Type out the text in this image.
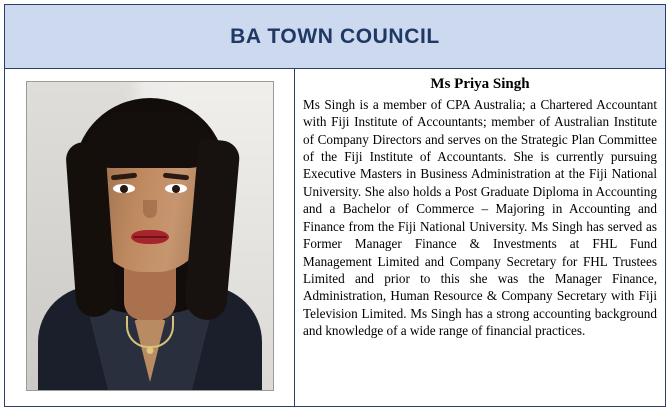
BA TOWN COUNCIL
Ms Priya Singh

Ms Singh is a member of CPA Australia; a Chartered Accountant with Fiji Institute of Accountants; member of Australian Institute of Company Directors and serves on the Strategic Plan Committee of the Fiji Institute of Accountants. She is currently pursuing Executive Masters in Business Administration at the Fiji National University. She also holds a Post Graduate Diploma in Accounting and a Bachelor of Commerce – Majoring in Accounting and Finance from the Fiji National University. Ms Singh has served as Former Manager Finance & Investments at FHL Fund Management Limited and Company Secretary for FHL Trustees Limited and prior to this she was the Manager Finance, Administration, Human Resource & Company Secretary with Fiji Television Limited. Ms Singh has a strong accounting background and knowledge of a wide range of financial practices.
